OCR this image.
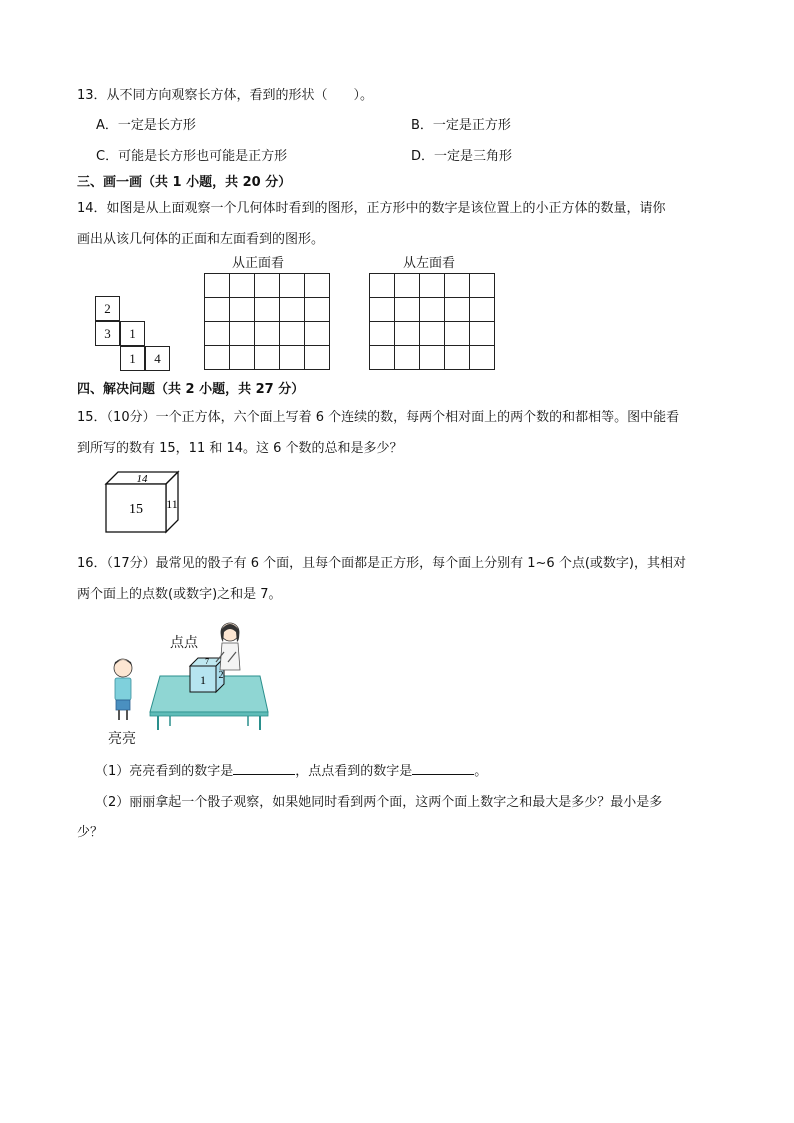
13．从不同方向观察长方体，看到的形状（　　）。
A．一定是长方形	B．一定是正方形
C．可能是长方形也可能是正方形	D．一定是三角形
三、画一画（共 1 小题，共 20 分）
14．如图是从上面观察一个几何体时看到的图形，正方形中的数字是该位置上的小正方体的数量，请你
画出从该几何体的正面和左面看到的图形。
2
3	1
1	4
从正面看

					从左面看

四、解决问题（共 2 小题，共 27 分）
15．（10分）一个正方体，六个面上写着 6 个连续的数，每两个相对面上的两个数的和都相等。图中能看
到所写的数有 15，11 和 14。这 6 个数的总和是多少？
15 11
14
16．（17分）最常见的骰子有 6 个面，且每个面都是正方形，每个面上分别有 1~6 个点(或数字)，其相对
两个面上的点数(或数字)之和是 7。
1 2
7
点点
亮亮
（1）亮亮看到的数字是	，点点看到的数字是	。
（2）丽丽拿起一个骰子观察，如果她同时看到两个面，这两个面上数字之和最大是多少？最小是多
少？
